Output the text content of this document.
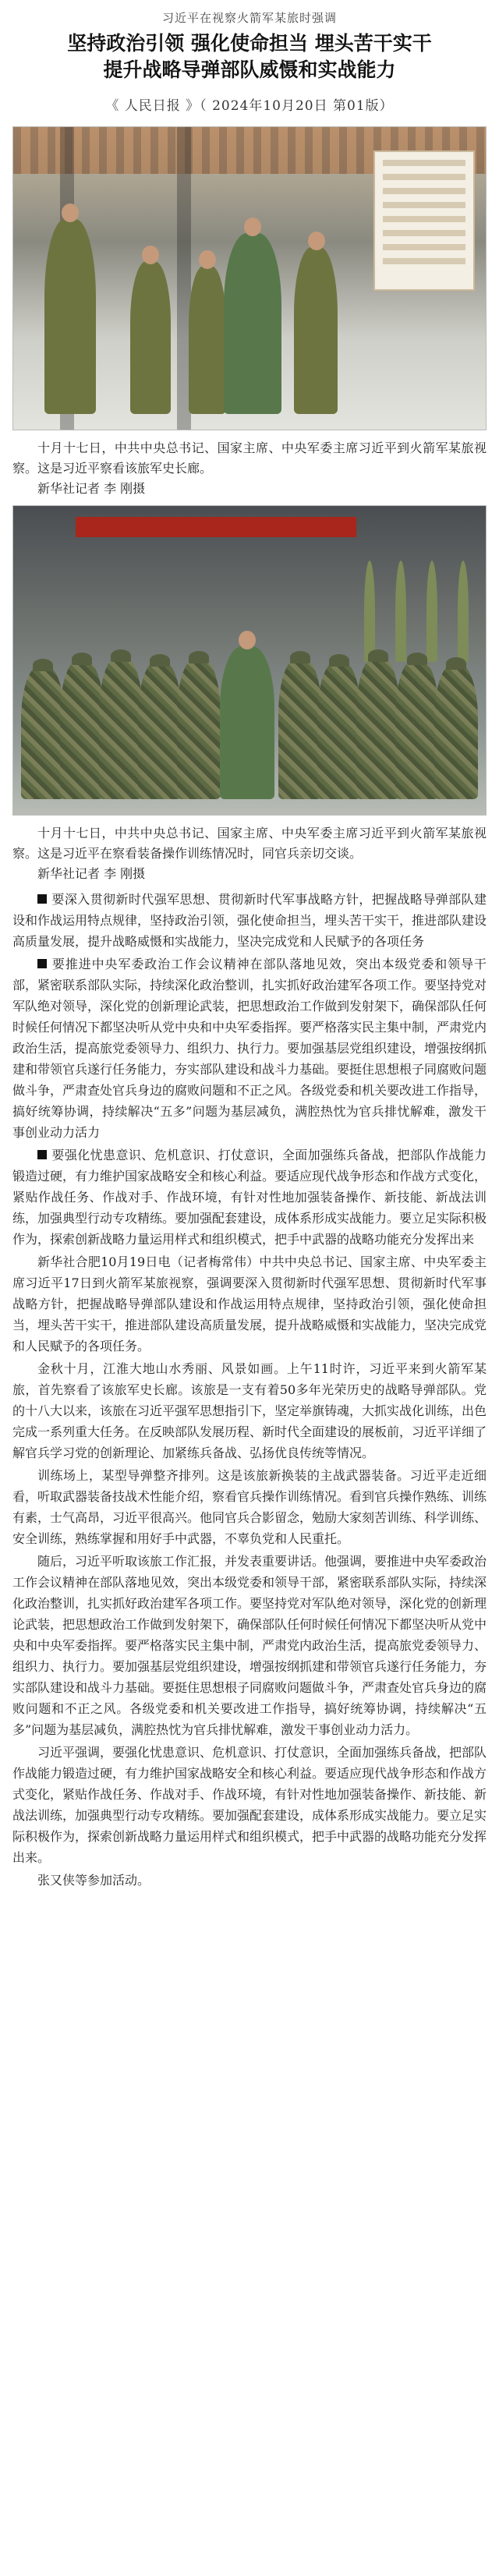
习近平在视察火箭军某旅时强调
坚持政治引领 强化使命担当 埋头苦干实干
提升战略导弹部队威慑和实战能力
《 人民日报 》（ 2024年10月20日 第01版）

十月十七日，中共中央总书记、国家主席、中央军委主席习近平到火箭军某旅视察。这是习近平察看该旅军史长廊。

新华社记者 李 刚摄

十月十七日，中共中央总书记、国家主席、中央军委主席习近平到火箭军某旅视察。这是习近平在察看装备操作训练情况时，同官兵亲切交谈。

新华社记者 李 刚摄

要深入贯彻新时代强军思想、贯彻新时代军事战略方针，把握战略导弹部队建设和作战运用特点规律，坚持政治引领，强化使命担当，埋头苦干实干，推进部队建设高质量发展，提升战略威慑和实战能力，坚决完成党和人民赋予的各项任务

要推进中央军委政治工作会议精神在部队落地见效，突出本级党委和领导干部，紧密联系部队实际，持续深化政治整训，扎实抓好政治建军各项工作。要坚持党对军队绝对领导，深化党的创新理论武装，把思想政治工作做到发射架下，确保部队任何时候任何情况下都坚决听从党中央和中央军委指挥。要严格落实民主集中制，严肃党内政治生活，提高旅党委领导力、组织力、执行力。要加强基层党组织建设，增强按纲抓建和带领官兵遂行任务能力，夯实部队建设和战斗力基础。要挺住思想根子同腐败问题做斗争，严肃查处官兵身边的腐败问题和不正之风。各级党委和机关要改进工作指导，搞好统筹协调，持续解决“五多”问题为基层减负，满腔热忱为官兵排忧解难，激发干事创业动力活力

要强化忧患意识、危机意识、打仗意识，全面加强练兵备战，把部队作战能力锻造过硬，有力维护国家战略安全和核心利益。要适应现代战争形态和作战方式变化，紧贴作战任务、作战对手、作战环境，有针对性地加强装备操作、新技能、新战法训练，加强典型行动专攻精练。要加强配套建设，成体系形成实战能力。要立足实际积极作为，探索创新战略力量运用样式和组织模式，把手中武器的战略功能充分发挥出来

新华社合肥10月19日电（记者梅常伟）中共中央总书记、国家主席、中央军委主席习近平17日到火箭军某旅视察，强调要深入贯彻新时代强军思想、贯彻新时代军事战略方针，把握战略导弹部队建设和作战运用特点规律，坚持政治引领，强化使命担当，埋头苦干实干，推进部队建设高质量发展，提升战略威慑和实战能力，坚决完成党和人民赋予的各项任务。

金秋十月，江淮大地山水秀丽、风景如画。上午11时许，习近平来到火箭军某旅，首先察看了该旅军史长廊。该旅是一支有着50多年光荣历史的战略导弹部队。党的十八大以来，该旅在习近平强军思想指引下，坚定举旗铸魂，大抓实战化训练，出色完成一系列重大任务。在反映部队发展历程、新时代全面建设的展板前，习近平详细了解官兵学习党的创新理论、加紧练兵备战、弘扬优良传统等情况。

训练场上，某型导弹整齐排列。这是该旅新换装的主战武器装备。习近平走近细看，听取武器装备技战术性能介绍，察看官兵操作训练情况。看到官兵操作熟练、训练有素，士气高昂，习近平很高兴。他同官兵合影留念，勉励大家刻苦训练、科学训练、安全训练，熟练掌握和用好手中武器，不辜负党和人民重托。

随后，习近平听取该旅工作汇报，并发表重要讲话。他强调，要推进中央军委政治工作会议精神在部队落地见效，突出本级党委和领导干部，紧密联系部队实际，持续深化政治整训，扎实抓好政治建军各项工作。要坚持党对军队绝对领导，深化党的创新理论武装，把思想政治工作做到发射架下，确保部队任何时候任何情况下都坚决听从党中央和中央军委指挥。要严格落实民主集中制，严肃党内政治生活，提高旅党委领导力、组织力、执行力。要加强基层党组织建设，增强按纲抓建和带领官兵遂行任务能力，夯实部队建设和战斗力基础。要挺住思想根子同腐败问题做斗争，严肃查处官兵身边的腐败问题和不正之风。各级党委和机关要改进工作指导，搞好统筹协调，持续解决“五多”问题为基层减负，满腔热忱为官兵排忧解难，激发干事创业动力活力。

习近平强调，要强化忧患意识、危机意识、打仗意识，全面加强练兵备战，把部队作战能力锻造过硬，有力维护国家战略安全和核心利益。要适应现代战争形态和作战方式变化，紧贴作战任务、作战对手、作战环境，有针对性地加强装备操作、新技能、新战法训练，加强典型行动专攻精练。要加强配套建设，成体系形成实战能力。要立足实际积极作为，探索创新战略力量运用样式和组织模式，把手中武器的战略功能充分发挥出来。

张又侠等参加活动。
